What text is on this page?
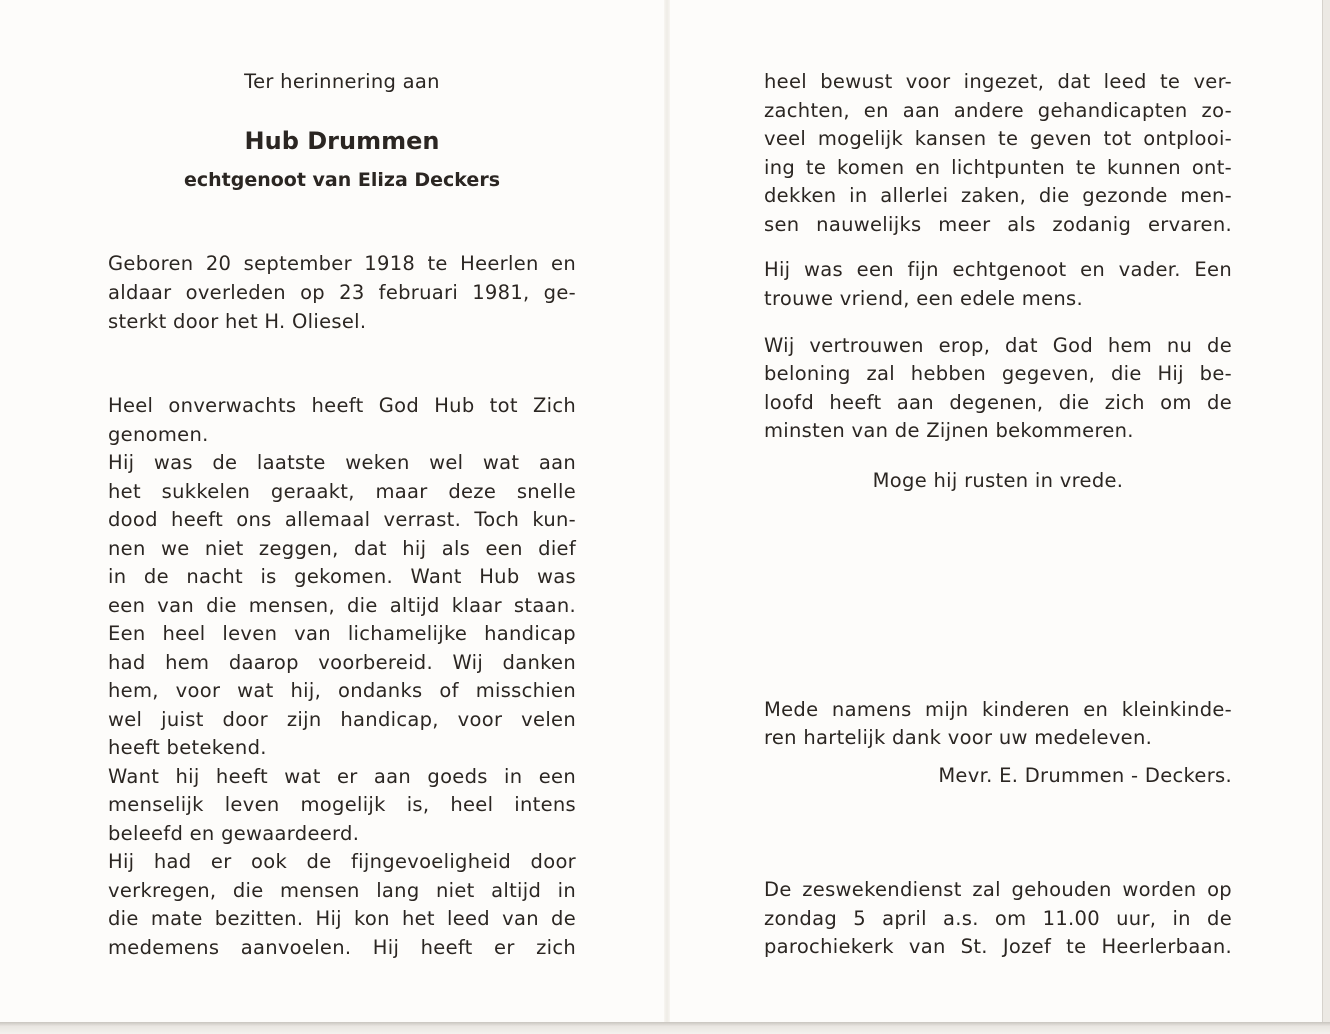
Ter herinnering aan
Hub Drummen
echtgenoot van Eliza Deckers
Geboren 20 september 1918 te Heerlen en
aldaar overleden op 23 februari 1981, ge-
sterkt door het H. Oliesel.
Heel onverwachts heeft God Hub tot Zich
genomen.
Hij was de laatste weken wel wat aan
het sukkelen geraakt, maar deze snelle
dood heeft ons allemaal verrast. Toch kun-
nen we niet zeggen, dat hij als een dief
in de nacht is gekomen. Want Hub was
een van die mensen, die altijd klaar staan.
Een heel leven van lichamelijke handicap
had hem daarop voorbereid. Wij danken
hem, voor wat hij, ondanks of misschien
wel juist door zijn handicap, voor velen
heeft betekend.
Want hij heeft wat er aan goeds in een
menselijk leven mogelijk is, heel intens
beleefd en gewaardeerd.
Hij had er ook de fijngevoeligheid door
verkregen, die mensen lang niet altijd in
die mate bezitten. Hij kon het leed van de
medemens aanvoelen. Hij heeft er zich
heel bewust voor ingezet, dat leed te ver-
zachten, en aan andere gehandicapten zo-
veel mogelijk kansen te geven tot ontplooi-
ing te komen en lichtpunten te kunnen ont-
dekken in allerlei zaken, die gezonde men-
sen nauwelijks meer als zodanig ervaren.
Hij was een fijn echtgenoot en vader. Een
trouwe vriend, een edele mens.
Wij vertrouwen erop, dat God hem nu de
beloning zal hebben gegeven, die Hij be-
loofd heeft aan degenen, die zich om de
minsten van de Zijnen bekommeren.
Moge hij rusten in vrede.
Mede namens mijn kinderen en kleinkinde-
ren hartelijk dank voor uw medeleven.
Mevr. E. Drummen - Deckers.
De zeswekendienst zal gehouden worden op
zondag 5 april a.s. om 11.00 uur, in de
parochiekerk van St. Jozef te Heerlerbaan.
